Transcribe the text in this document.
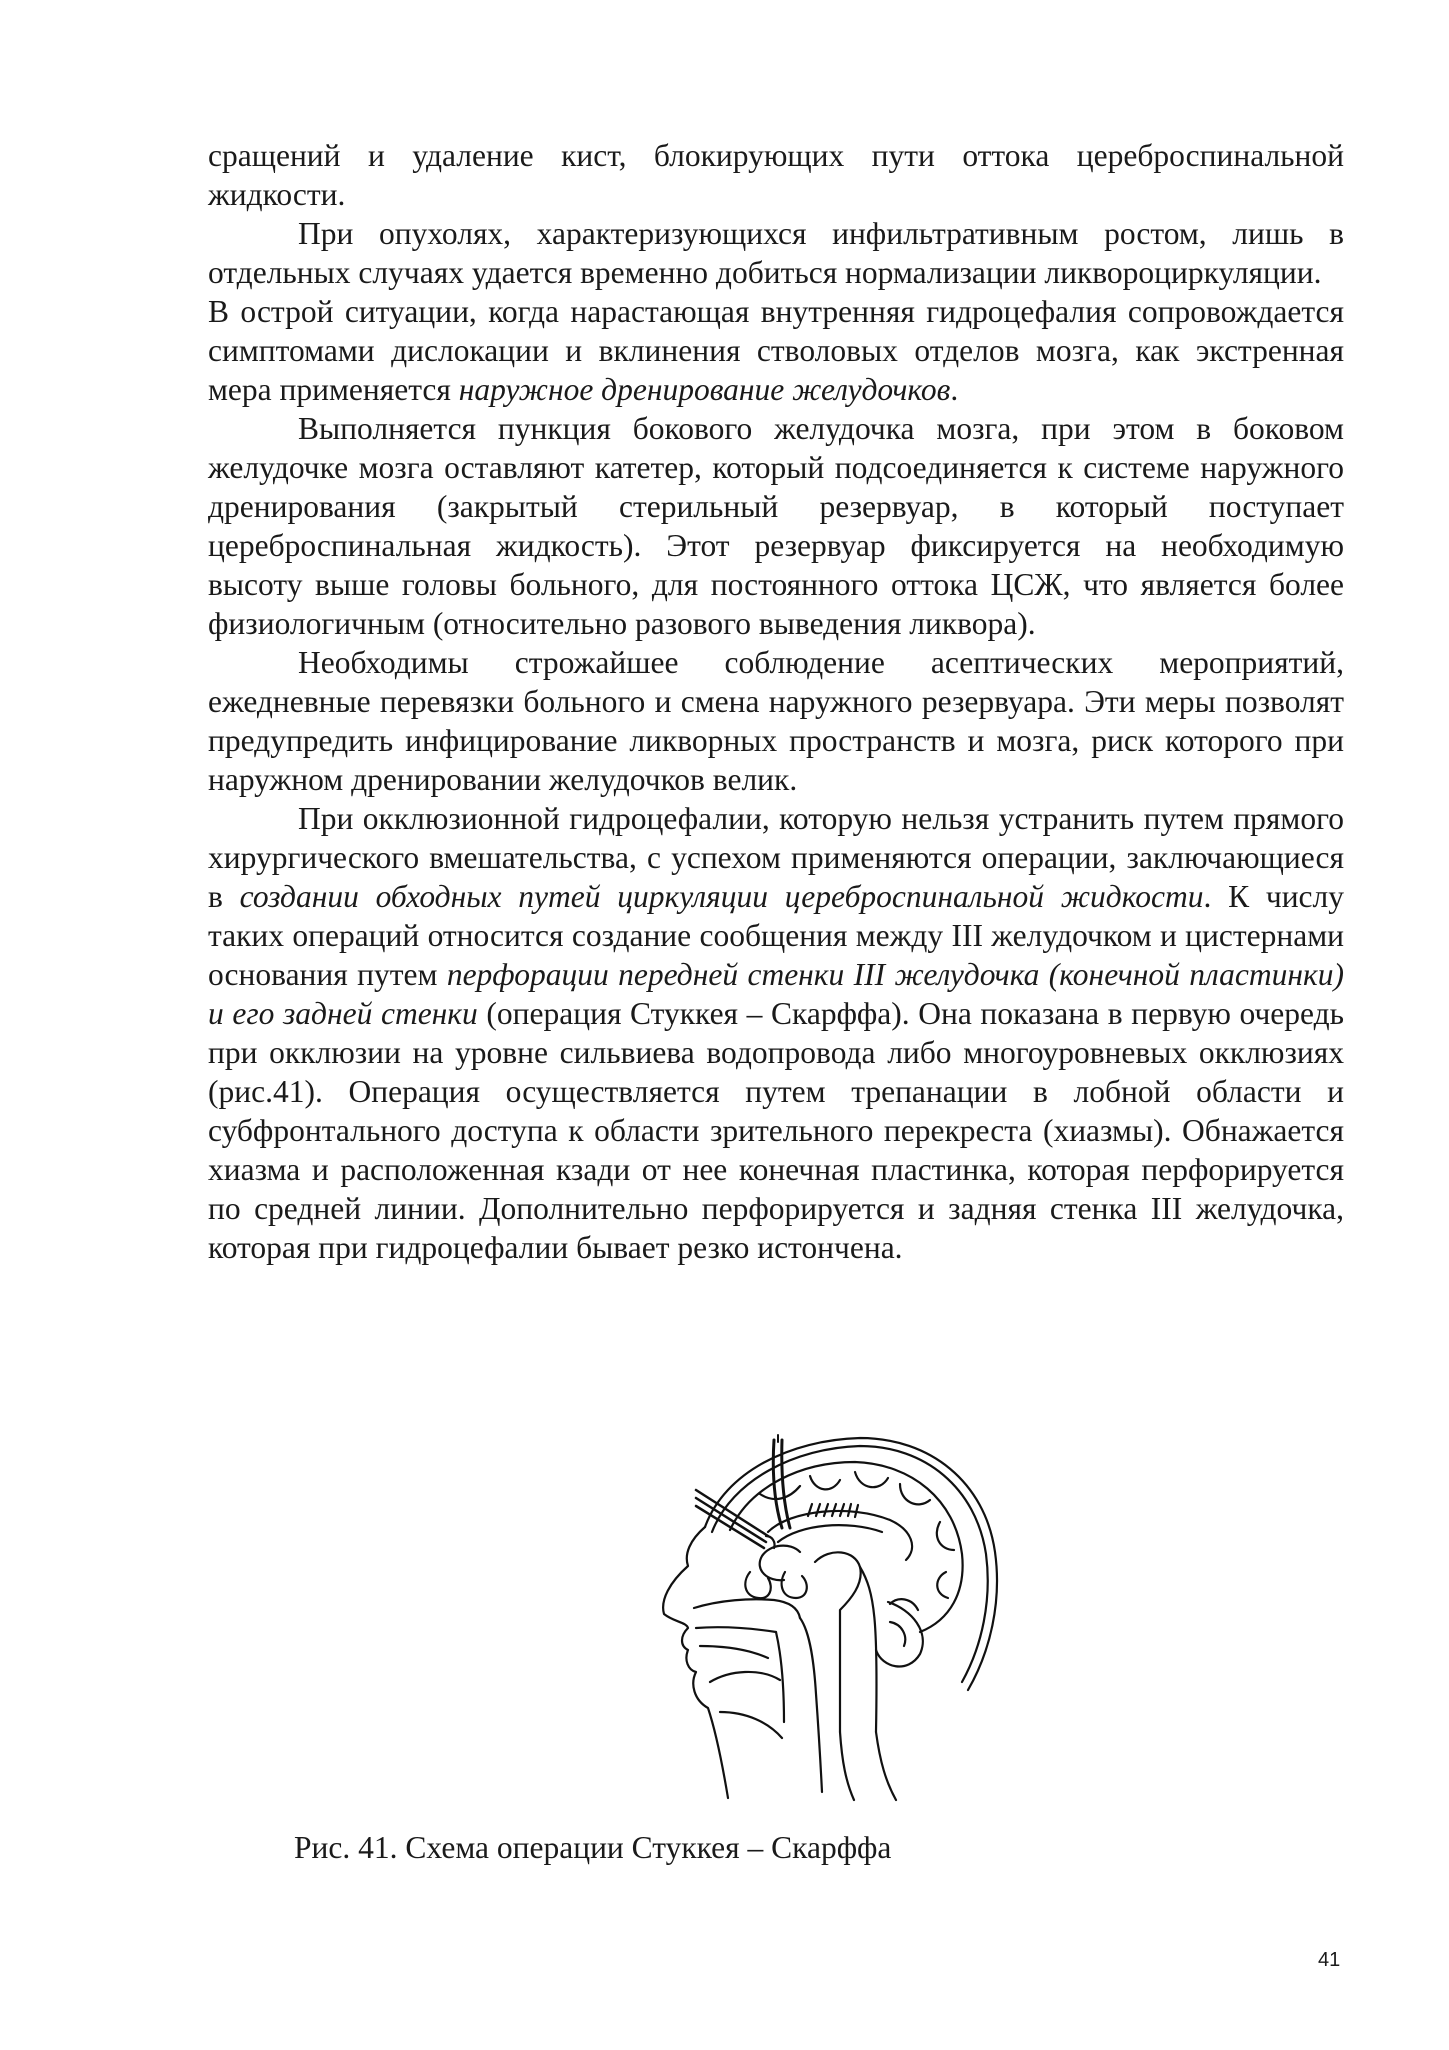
сращений и удаление кист, блокирующих пути оттока цереброспинальной жидкости.

При опухолях, характеризующихся инфильтративным ростом, лишь в отдельных случаях удается временно добиться нормализации ликвороциркуляции.

В острой ситуации, когда нарастающая внутренняя гидроцефалия сопровождается симптомами дислокации и вклинения стволовых отделов мозга, как экстренная мера применяется наружное дренирование желудочков.

Выполняется пункция бокового желудочка мозга, при этом в боковом желудочке мозга оставляют катетер, который подсоединяется к системе наружного дренирования (закрытый стерильный резервуар, в который поступает цереброспинальная жидкость). Этот резервуар фиксируется на необходимую высоту выше головы больного, для постоянного оттока ЦСЖ, что является более физиологичным (относительно разового выведения ликвора).

Необходимы строжайшее соблюдение асептических мероприятий, ежедневные перевязки больного и смена наружного резервуара. Эти меры позволят предупредить инфицирование ликворных пространств и мозга, риск которого при наружном дренировании желудочков велик.

При окклюзионной гидроцефалии, которую нельзя устранить путем прямого хирургического вмешательства, с успехом применяются операции, заключающиеся в создании обходных путей циркуляции цереброспинальной жидкости. К числу таких операций относится создание сообщения между III желудочком и цистернами основания путем перфорации передней стенки III желудочка (конечной пластинки) и его задней стенки (операция Стуккея – Скарффа). Она показана в первую очередь при окклюзии на уровне сильвиева водопровода либо многоуровневых окклюзиях (рис.41). Операция осуществляется путем трепанации в лобной области и субфронтального доступа к области зрительного перекреста (хиазмы). Обнажается хиазма и расположенная кзади от нее конечная пластинка, которая перфорируется по средней линии. Дополнительно перфорируется и задняя стенка III желудочка, которая при гидроцефалии бывает резко истончена.

Рис. 41. Схема операции Стуккея – Скарффа
41
